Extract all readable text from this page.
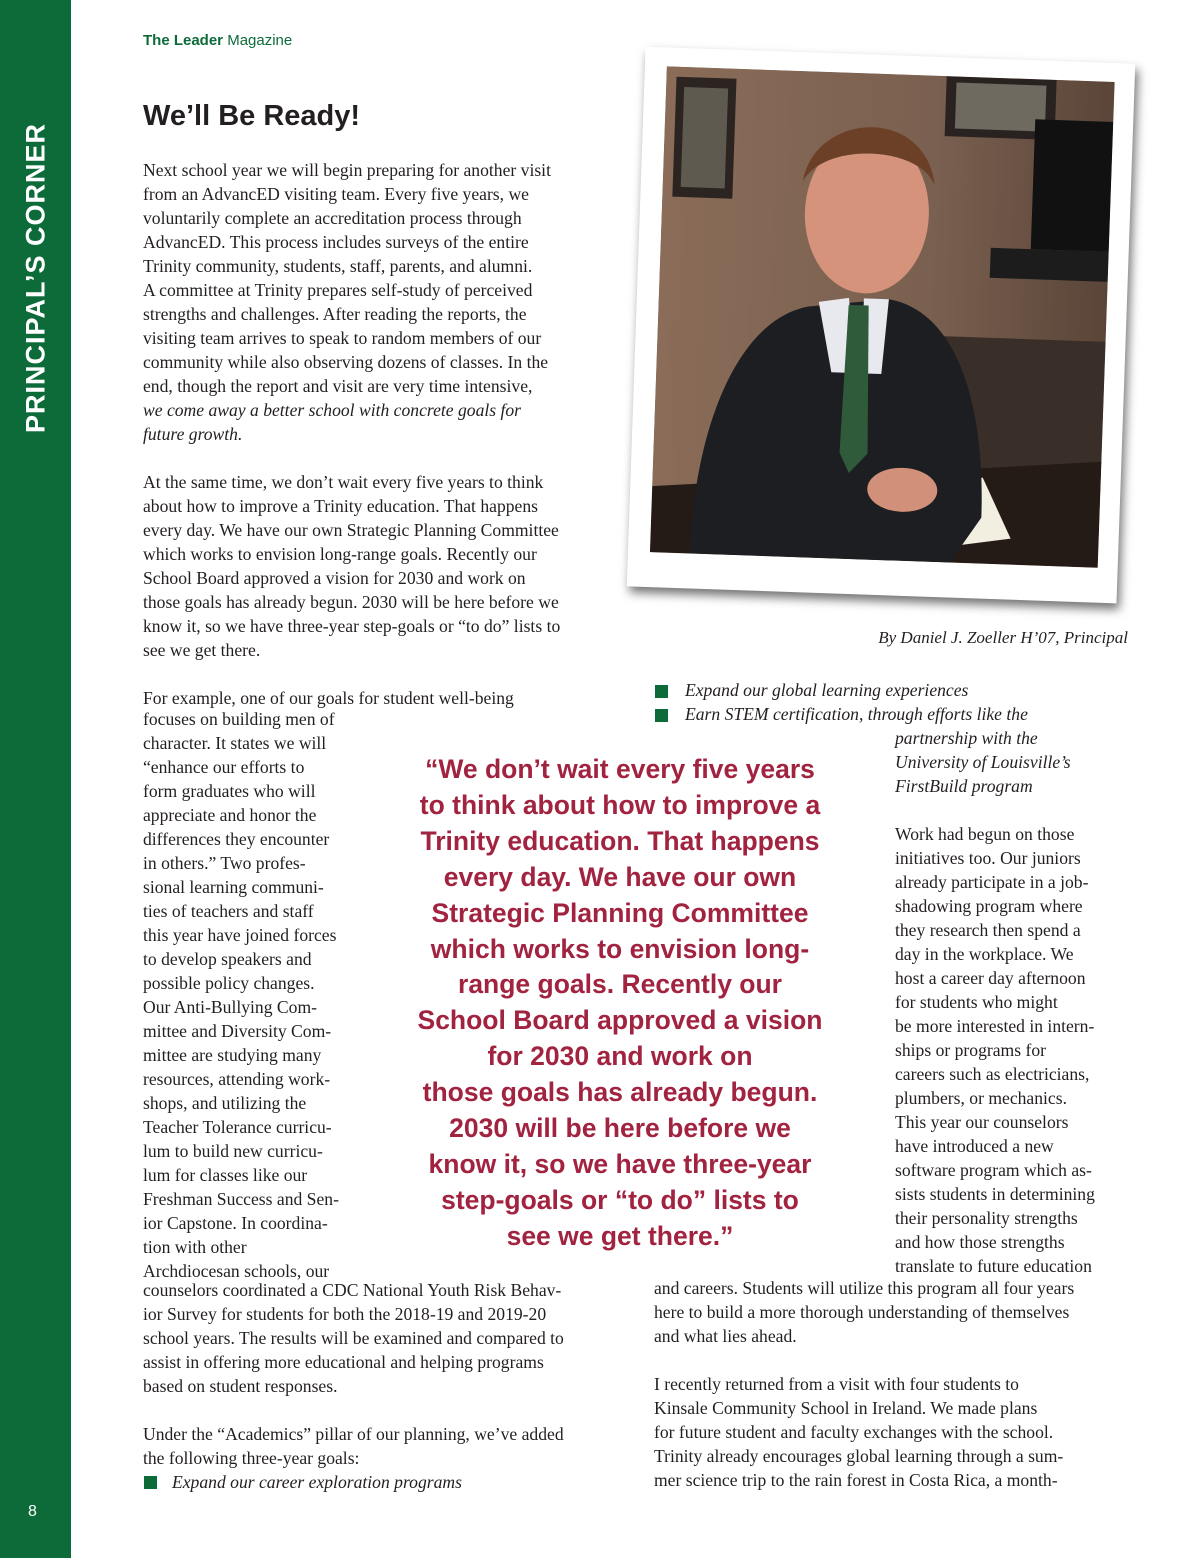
PRINCIPAL’S CORNER
8
The Leader Magazine
We’ll Be Ready!

Next school year we will begin preparing for another visit

from an AdvancED visiting team. Every five years, we

voluntarily complete an accreditation process through

AdvancED. This process includes surveys of the entire

Trinity community, students, staff, parents, and alumni.

A committee at Trinity prepares self-study of perceived

strengths and challenges. After reading the reports, the

visiting team arrives to speak to random members of our

community while also observing dozens of classes. In the

end, though the report and visit are very time intensive,

we come away a better school with concrete goals for

future growth.

At the same time, we don’t wait every five years to think

about how to improve a Trinity education. That happens

every day. We have our own Strategic Planning Committee

which works to envision long-range goals. Recently our

School Board approved a vision for 2030 and work on

those goals has already begun. 2030 will be here before we

know it, so we have three-year step-goals or “to do” lists to

see we get there.

For example, one of our goals for student well-being

focuses on building men of

character. It states we will

“enhance our efforts to

form graduates who will

appreciate and honor the

differences they encounter

in others.” Two profes-

sional learning communi-

ties of teachers and staff

this year have joined forces

to develop speakers and

possible policy changes.

Our Anti-Bullying Com-

mittee and Diversity Com-

mittee are studying many

resources, attending work-

shops, and utilizing the

Teacher Tolerance curricu-

lum to build new curricu-

lum for classes like our

Freshman Success and Sen-

ior Capstone. In coordina-

tion with other

Archdiocesan schools, our

counselors coordinated a CDC National Youth Risk Behav-

ior Survey for students for both the 2018-19 and 2019-20

school years. The results will be examined and compared to

assist in offering more educational and helping programs

based on student responses.

Under the “Academics” pillar of our planning, we’ve added

the following three-year goals:

Expand our career exploration programs
Expand our global learning experiences
Earn STEM certification, through efforts like the

partnership with the

University of Louisville’s

FirstBuild program

Work had begun on those

initiatives too. Our juniors

already participate in a job-

shadowing program where

they research then spend a

day in the workplace. We

host a career day afternoon

for students who might

be more interested in intern-

ships or programs for

careers such as electricians,

plumbers, or mechanics.

This year our counselors

have introduced a new

software program which as-

sists students in determining

their personality strengths

and how those strengths

translate to future education

and careers. Students will utilize this program all four years

here to build a more thorough understanding of themselves

and what lies ahead.

I recently returned from a visit with four students to

Kinsale Community School in Ireland. We made plans

for future student and faculty exchanges with the school.

Trinity already encourages global learning through a sum-

mer science trip to the rain forest in Costa Rica, a month-

“We don’t wait every five years
to think about how to improve a
Trinity education. That happens
every day. We have our own
Strategic Planning Committee
which works to envision long-
range goals. Recently our
School Board approved a vision
for 2030 and work on
those goals has already begun.
2030 will be here before we
know it, so we have three-year
step-goals or “to do” lists to
see we get there.”
By Daniel J. Zoeller H’07, Principal
